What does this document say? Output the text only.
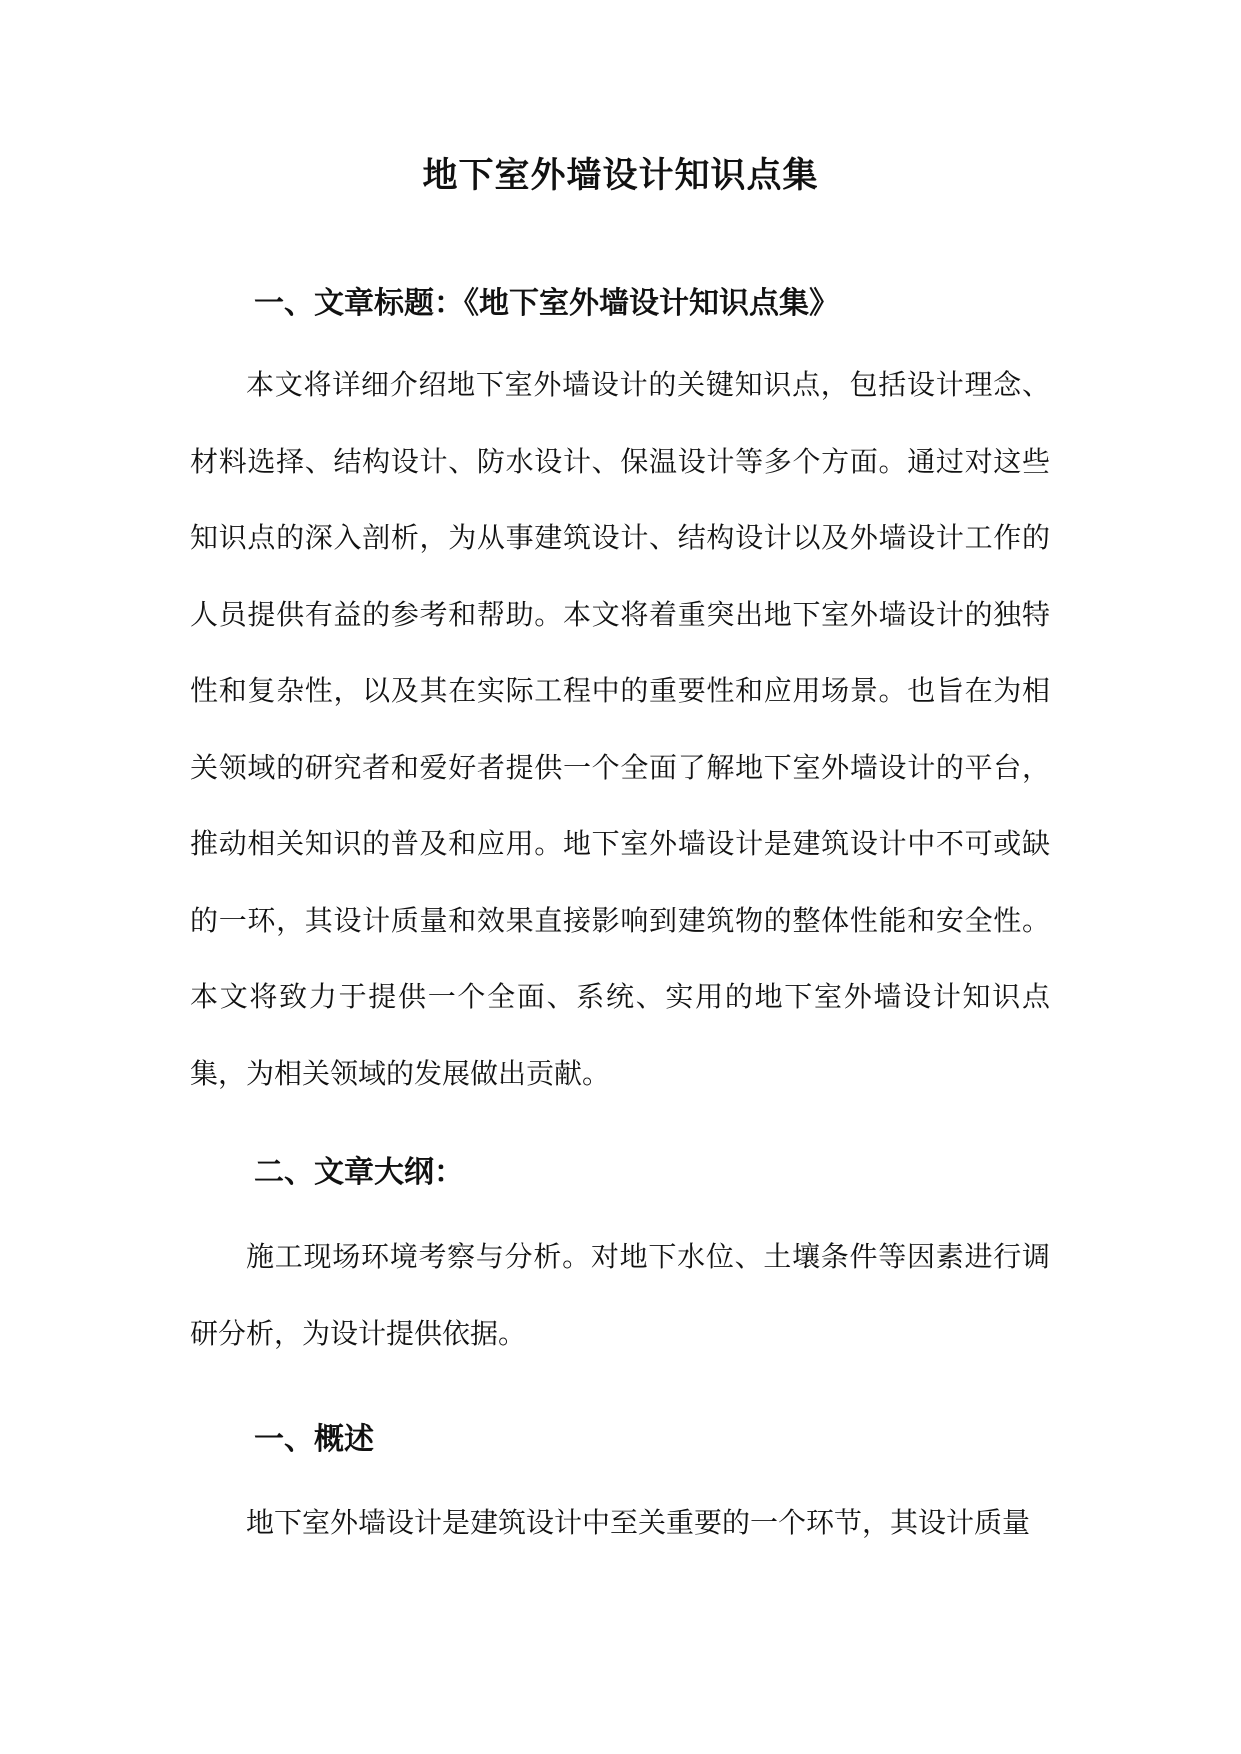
地下室外墙设计知识点集
一、文章标题：《地下室外墙设计知识点集》

本文将详细介绍地下室外墙设计的关键知识点，包括设计理念、材料选择、结构设计、防水设计、保温设计等多个方面。通过对这些知识点的深入剖析，为从事建筑设计、结构设计以及外墙设计工作的人员提供有益的参考和帮助。本文将着重突出地下室外墙设计的独特性和复杂性，以及其在实际工程中的重要性和应用场景。也旨在为相关领域的研究者和爱好者提供一个全面了解地下室外墙设计的平台，推动相关知识的普及和应用。地下室外墙设计是建筑设计中不可或缺的一环，其设计质量和效果直接影响到建筑物的整体性能和安全性。本文将致力于提供一个全面、系统、实用的地下室外墙设计知识点集，为相关领域的发展做出贡献。

二、文章大纲：

施工现场环境考察与分析。对地下水位、土壤条件等因素进行调研分析，为设计提供依据。

一、概述

地下室外墙设计是建筑设计中至关重要的一个环节，其设计质量
